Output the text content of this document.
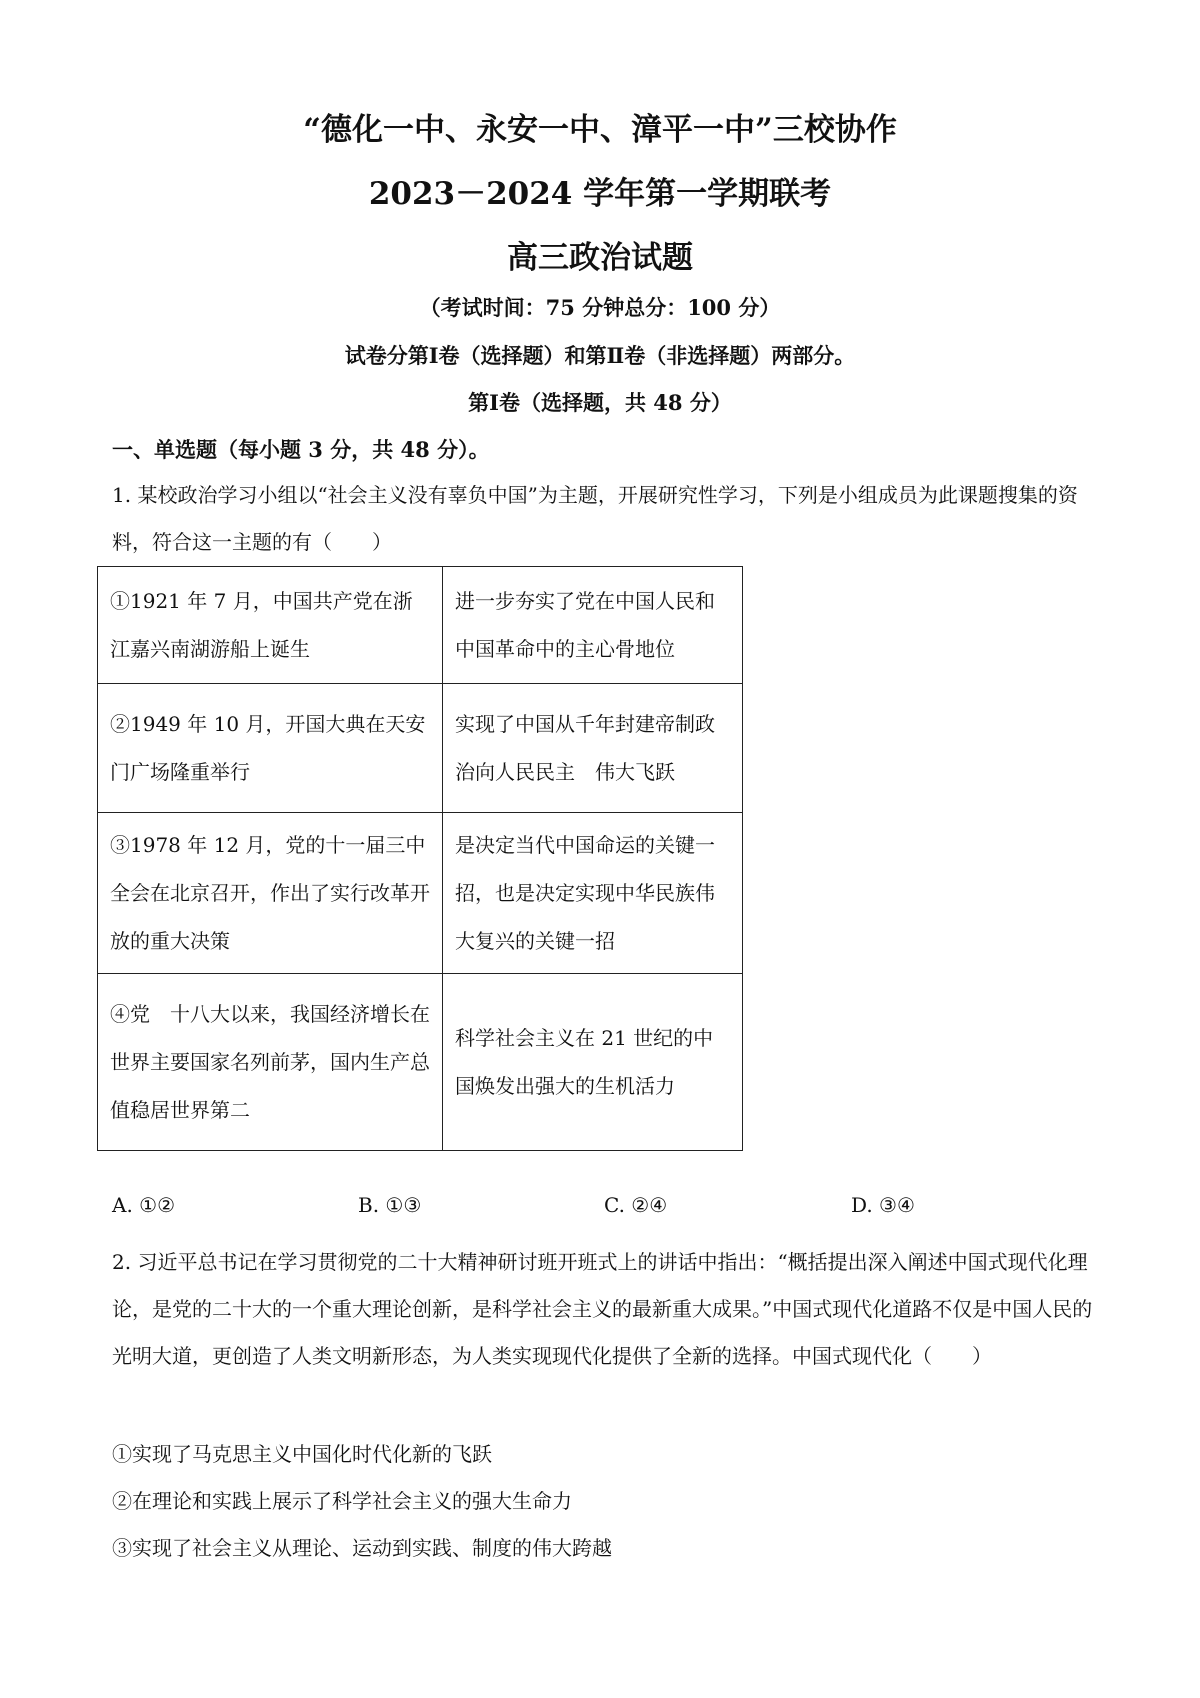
“德化一中、永安一中、漳平一中”三校协作
2023－2024 学年第一学期联考
高三政治试题
（考试时间：75 分钟总分：100 分）
试卷分第Ⅰ卷（选择题）和第Ⅱ卷（非选择题）两部分。
第Ⅰ卷（选择题，共 48 分）
一、单选题（每小题 3 分，共 48 分）。
1. 某校政治学习小组以“社会主义没有辜负中国”为主题，开展研究性学习，下列是小组成员为此课题搜集的资料，符合这一主题的有（　　）
①1921 年 7 月，中国共产党在浙江嘉兴南湖游船上诞生	进一步夯实了党在中国人民和中国革命中的主心骨地位
②1949 年 10 月，开国大典在天安门广场隆重举行	实现了中国从千年封建帝制政治向人民民主　伟大飞跃
③1978 年 12 月，党的十一届三中全会在北京召开，作出了实行改革开放的重大决策	是决定当代中国命运的关键一招，也是决定实现中华民族伟大复兴的关键一招
④党　十八大以来，我国经济增长在世界主要国家名列前茅，国内生产总值稳居世界第二	科学社会主义在 21 世纪的中国焕发出强大的生机活力
A. ①②	B. ①③	C. ②④	D. ③④
2. 习近平总书记在学习贯彻党的二十大精神研讨班开班式上的讲话中指出：“概括提出深入阐述中国式现代化理论，是党的二十大的一个重大理论创新，是科学社会主义的最新重大成果。”中国式现代化道路不仅是中国人民的光明大道，更创造了人类文明新形态，为人类实现现代化提供了全新的选择。中国式现代化（　　）
①实现了马克思主义中国化时代化新的飞跃
②在理论和实践上展示了科学社会主义的强大生命力
③实现了社会主义从理论、运动到实践、制度的伟大跨越
